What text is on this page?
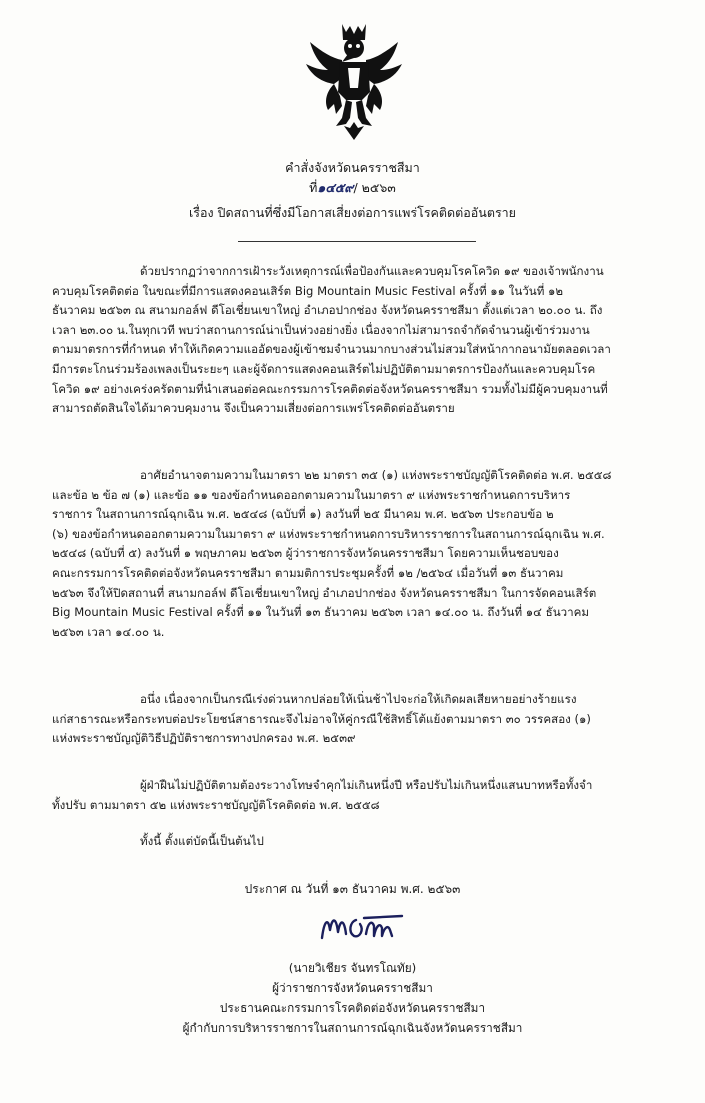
คำสั่งจังหวัดนครราชสีมา
ที่๑๔๕๙/ ๒๕๖๓
เรื่อง ปิดสถานที่ซึ่งมีโอกาสเสี่ยงต่อการแพร่โรคติดต่ออันตราย
ด้วยปรากฏว่าจากการเฝ้าระวังเหตุการณ์เพื่อป้องกันและควบคุมโรคโควิด ๑๙ ของเจ้าพนักงาน
ควบคุมโรคติดต่อ ในขณะที่มีการแสดงคอนเสิร์ต Big Mountain Music Festival ครั้งที่ ๑๑ ในวันที่ ๑๒
ธันวาคม ๒๕๖๓ ณ สนามกอล์ฟ ดีโอเชี่ยนเขาใหญ่ อำเภอปากช่อง จังหวัดนครราชสีมา ตั้งแต่เวลา ๒๐.๐๐ น. ถึง
เวลา ๒๓.๐๐ น.ในทุกเวที พบว่าสถานการณ์น่าเป็นห่วงอย่างยิ่ง เนื่องจากไม่สามารถจำกัดจำนวนผู้เข้าร่วมงาน
ตามมาตรการที่กำหนด ทำให้เกิดความแออัดของผู้เข้าชมจำนวนมากบางส่วนไม่สวมใส่หน้ากากอนามัยตลอดเวลา
มีการตะโกนร่วมร้องเพลงเป็นระยะๆ และผู้จัดการแสดงคอนเสิร์ตไม่ปฏิบัติตามมาตรการป้องกันและควบคุมโรค
โควิด ๑๙ อย่างเคร่งครัดตามที่นำเสนอต่อคณะกรรมการโรคติดต่อจังหวัดนครราชสีมา รวมทั้งไม่มีผู้ควบคุมงานที่
สามารถตัดสินใจได้มาควบคุมงาน จึงเป็นความเสี่ยงต่อการแพร่โรคติดต่ออันตราย
อาศัยอำนาจตามความในมาตรา ๒๒ มาตรา ๓๕ (๑) แห่งพระราชบัญญัติโรคติดต่อ พ.ศ. ๒๕๕๘
และข้อ ๒ ข้อ ๗ (๑) และข้อ ๑๑ ของข้อกำหนดออกตามความในมาตรา ๙ แห่งพระราชกำหนดการบริหาร
ราชการ ในสถานการณ์ฉุกเฉิน พ.ศ. ๒๕๔๘ (ฉบับที่ ๑) ลงวันที่ ๒๕ มีนาคม พ.ศ. ๒๕๖๓ ประกอบข้อ ๒
(๖) ของข้อกำหนดออกตามความในมาตรา ๙ แห่งพระราชกำหนดการบริหารราชการในสถานการณ์ฉุกเฉิน พ.ศ.
๒๕๔๘ (ฉบับที่ ๕) ลงวันที่ ๑ พฤษภาคม ๒๕๖๓ ผู้ว่าราชการจังหวัดนครราชสีมา โดยความเห็นชอบของ
คณะกรรมการโรคติดต่อจังหวัดนครราชสีมา ตามมติการประชุมครั้งที่ ๑๒ /๒๕๖๔ เมื่อวันที่ ๑๓ ธันวาคม
๒๕๖๓ จึงให้ปิดสถานที่ สนามกอล์ฟ ดีโอเชี่ยนเขาใหญ่ อำเภอปากช่อง จังหวัดนครราชสีมา ในการจัดคอนเสิร์ต
Big Mountain Music Festival ครั้งที่ ๑๑ ในวันที่ ๑๓ ธันวาคม ๒๕๖๓ เวลา ๑๔.๐๐ น. ถึงวันที่ ๑๔ ธันวาคม
๒๕๖๓ เวลา ๑๔.๐๐ น.
อนึ่ง เนื่องจากเป็นกรณีเร่งด่วนหากปล่อยให้เนิ่นช้าไปจะก่อให้เกิดผลเสียหายอย่างร้ายแรง
แก่สาธารณะหรือกระทบต่อประโยชน์สาธารณะจึงไม่อาจให้คู่กรณีใช้สิทธิ์โต้แย้งตามมาตรา ๓๐ วรรคสอง (๑)
แห่งพระราชบัญญัติวิธีปฏิบัติราชการทางปกครอง พ.ศ. ๒๕๓๙
ผู้ฝ่าฝืนไม่ปฏิบัติตามต้องระวางโทษจำคุกไม่เกินหนึ่งปี หรือปรับไม่เกินหนึ่งแสนบาทหรือทั้งจำ
ทั้งปรับ ตามมาตรา ๕๒ แห่งพระราชบัญญัติโรคติดต่อ พ.ศ. ๒๕๕๘
ทั้งนี้ ตั้งแต่บัดนี้เป็นต้นไป
ประกาศ ณ วันที่ ๑๓ ธันวาคม พ.ศ. ๒๕๖๓
(นายวิเชียร จันทรโณทัย)
ผู้ว่าราชการจังหวัดนครราชสีมา
ประธานคณะกรรมการโรคติดต่อจังหวัดนครราชสีมา
ผู้กำกับการบริหารราชการในสถานการณ์ฉุกเฉินจังหวัดนครราชสีมา
